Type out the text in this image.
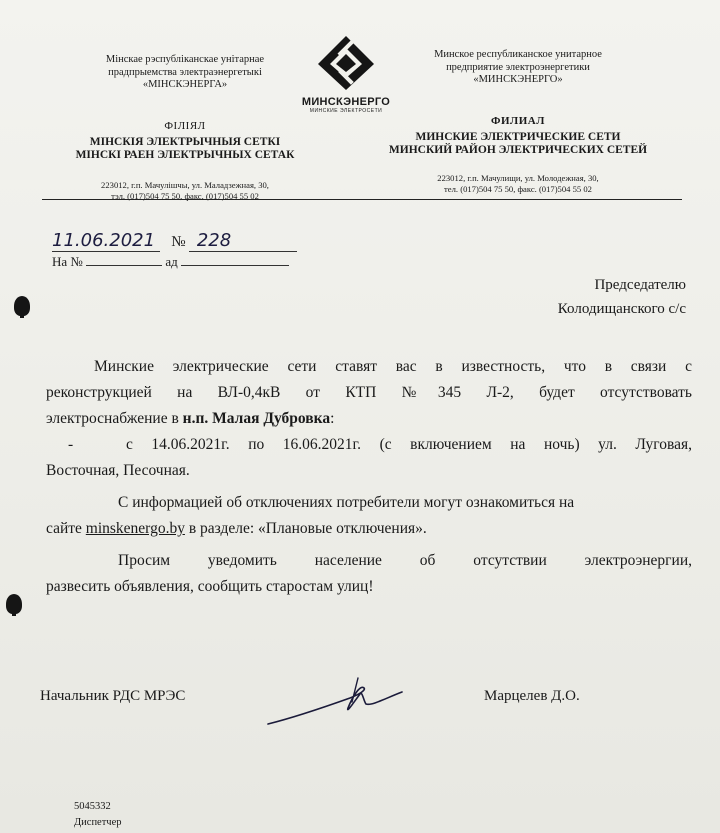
Мінскае рэспубліканскае унітарнае
прадпрыемства электраэнергетыкі
«МІНСКЭНЕРГА»
ФІЛІЯЛ
МІНСКІЯ ЭЛЕКТРЫЧНЫЯ СЕТКІ
МІНСКІ РАЕН ЭЛЕКТРЫЧНЫХ СЕТАК
223012, г.п. Мачулішчы, ул. Маладзежная, 30,
тэл. (017)504 75 50, факс. (017)504 55 02
МИНСКЭНЕРГО
МИНСКИЕ ЭЛЕКТРОСЕТИ
Минское республиканское унитарное
предприятие электроэнергетики
«МИНСКЭНЕРГО»
ФИЛИАЛ
МИНСКИЕ ЭЛЕКТРИЧЕСКИЕ СЕТИ
МИНСКИЙ РАЙОН ЭЛЕКТРИЧЕСКИХ СЕТЕЙ
223012, г.п. Мачулищи, ул. Молодежная, 30,
тел. (017)504 75 50, факс. (017)504 55 02
11.06.2021 № 228
На №	ад
Председателю
Колодищанского с/с

Минские электрические сети ставят вас в известность, что в связи с

реконструкцией на ВЛ-0,4кВ от КТП №345 Л-2, будет отсутствовать

электроснабжение в н.п. Малая Дубровка:

-	с 14.06.2021г. по 16.06.2021г. (с включением на ночь) ул. Луговая,

Восточная, Песочная.

С информацией об отключениях потребители могут ознакомиться на

сайте minskenergo.by в разделе: «Плановые отключения».

Просим уведомить население об отсутствии электроэнергии,

развесить объявления, сообщить старостам улиц!

Начальник РДС МРЭС	Марцелев Д.О.
5045332
Диспетчер
